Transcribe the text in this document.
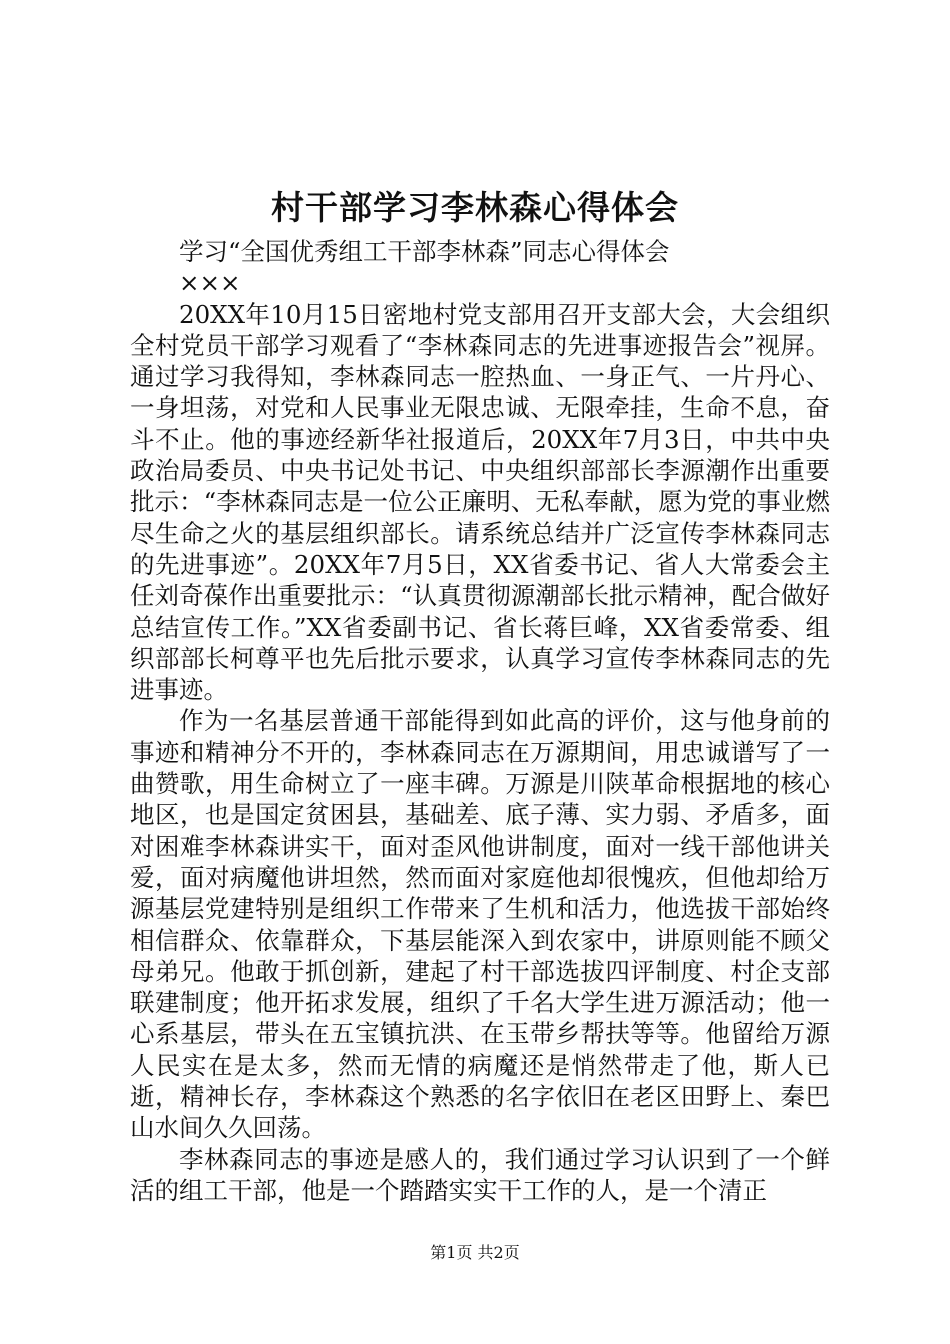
村干部学习李林森心得体会

学习“全国优秀组工干部李林森”同志心得体会

×××

20XX年10月15日密地村党支部用召开支部大会，大会组织全村党员干部学习观看了“李林森同志的先进事迹报告会”视屏。通过学习我得知，李林森同志一腔热血、一身正气、一片丹心、一身坦荡，对党和人民事业无限忠诚、无限牵挂，生命不息，奋斗不止。他的事迹经新华社报道后，20XX年7月3日，中共中央政治局委员、中央书记处书记、中央组织部部长李源潮作出重要批示：“李林森同志是一位公正廉明、无私奉献，愿为党的事业燃尽生命之火的基层组织部长。请系统总结并广泛宣传李林森同志的先进事迹”。20XX年7月5日，XX省委书记、省人大常委会主任刘奇葆作出重要批示：“认真贯彻源潮部长批示精神，配合做好总结宣传工作。”XX省委副书记、省长蒋巨峰，XX省委常委、组织部部长柯尊平也先后批示要求，认真学习宣传李林森同志的先进事迹。

作为一名基层普通干部能得到如此高的评价，这与他身前的事迹和精神分不开的，李林森同志在万源期间，用忠诚谱写了一曲赞歌，用生命树立了一座丰碑。万源是川陕革命根据地的核心地区，也是国定贫困县，基础差、底子薄、实力弱、矛盾多，面对困难李林森讲实干，面对歪风他讲制度，面对一线干部他讲关爱，面对病魔他讲坦然，然而面对家庭他却很愧疚，但他却给万源基层党建特别是组织工作带来了生机和活力，他选拔干部始终相信群众、依靠群众，下基层能深入到农家中，讲原则能不顾父母弟兄。他敢于抓创新，建起了村干部选拔四评制度、村企支部联建制度；他开拓求发展，组织了千名大学生进万源活动；他一心系基层，带头在五宝镇抗洪、在玉带乡帮扶等等。他留给万源人民实在是太多，然而无情的病魔还是悄然带走了他，斯人已逝，精神长存，李林森这个熟悉的名字依旧在老区田野上、秦巴山水间久久回荡。

李林森同志的事迹是感人的，我们通过学习认识到了一个鲜活的组工干部，他是一个踏踏实实干工作的人，是一个清正

第1页 共2页
